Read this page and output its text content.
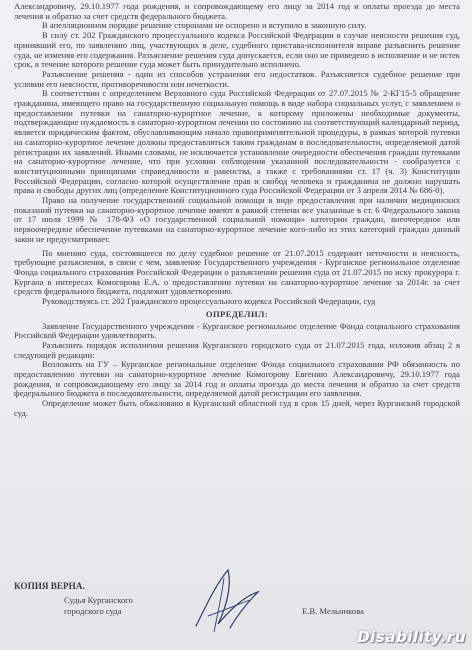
Александровичу, 29.10.1977 года рождения, и сопровождающему его лицу за 2014 год и оплаты проезда до места лечения и обратно за счет средств федерального бюджета.

В апелляционном порядке решение сторонами не оспорено и вступило в законную силу.

В силу ст. 202 Гражданского процессуального кодекса Российской Федерации в случае неясности решения суд, принявший его, по заявлению лиц, участвующих в деле, судебного пристава-исполнителя вправе разъяснить решение суда, не изменяя его содержания. Разъяснение решения суда допускается, если оно не приведено в исполнение и не истек срок, в течение которого решение суда может быть принудительно исполнено.

Разъяснение решения - один из способов устранения его недостатков. Разъясняется судебное решение при условии его неясности, противоречивости или нечеткости.

В соответствии с определением Верховного суда Российской Федерации от 27.07.2015 № 2-КГ15-5 обращение гражданина, имеющего право на государственную социальную помощь в виде набора социальных услуг, с заявлением о предоставлении путевки на санаторно-курортное лечение, к которому приложены необходимые документы, подтверждающие нуждаемость в санаторно-курортном лечении по состоянию на соответствующий календарный период, является юридическим фактом, обуславливающим начало правоприменительной процедуры, в рамках которой путевки на санаторно-курортное лечение должны предоставляться таким гражданам в последовательности, определяемой датой регистрации их заявлений. Иными словами, не исключается установление очередности обеспечения граждан путевками на санаторно-курортное лечение, что при условии соблюдения указанной последовательности - сообразуется с конституционными принципами справедливости и равенства, а также с требованиями ст. 17 (ч. 3) Конституции Российской Федерации, согласно которой осуществление прав и свобод человека и гражданина не должно нарушать права и свободы других лиц (определение Конституционного суда Российской Федерации от 3 апреля 2014 № 686-0).

Право на получение государственной социальной помощи в виде предоставления при наличии медицинских показаний путевки на санаторно-курортное лечение имеют в равной степени все указанные в ст. 6 Федерального закона от 17 июля 1999 № 178-ФЗ «О государственной социальной помощи» категории граждан, внеочередное или первоочередное обеспечение путевками на санаторно-курортное лечение кого-либо из этих категорий граждан данный закон не предусматривает.

По мнению суда, состоявшееся по делу судебное решение от 21.07.2015 содержит неточности и неясность, требующие разъяснения, в связи с чем, заявление Государственного учреждения - Курганское региональное отделение Фонда социального страхования Российской Федерации о разъяснении решения суда от 21.07.2015 по иску прокурора г. Кургана в интересах Комогорова Е.А. о предоставлении путевки на санаторно-курортное лечение за 2014г. за счет средств федерального бюджета, подлежит удовлетворению.

Руководствуясь ст. 202 Гражданского процессуального кодекса Российской Федерации, суд

ОПРЕДЕЛИЛ:

Заявление Государственного учреждения - Курганское региональное отделение Фонда социального страхования Российской Федерации удовлетворить.

Разъяснить порядок исполнения решения Курганского городского суда от 21.07.2015 года, изложив абзац 2 в следующей редакции:

Возложить на ГУ – Курганское региональное отделение Фонда социального страхования РФ обязанность по предоставлению путевки на санаторно-курортное лечение Комогорову Евгению Александровичу, 29.10.1977 года рождения, и сопровождающему его лицу за 2014 год и оплаты проезда до места лечения и обратно за счет средств федерального бюджета в последовательности, определяемой датой регистрации его заявления.

Определение может быть обжаловано в Курганский областной суд в срок 15 дней, через Курганский городской суд.

КОПИЯ ВЕРНА.
Судья Курганского
городского суда	Е.В. Мельникова
Disability.ru
